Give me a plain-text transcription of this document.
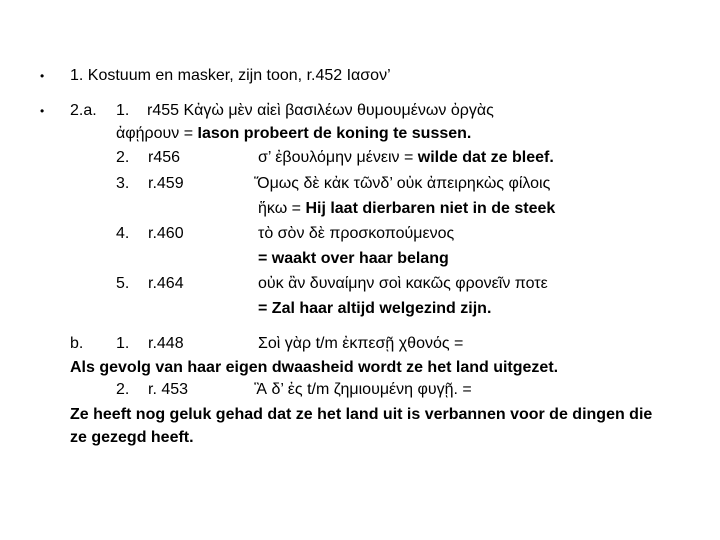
• 1. Kostuum en masker, zijn toon, r.452 Ιασον’
• 2.a. 1. r455 Κἀγὼ μὲν αἰεὶ βασιλέων θυμουμένων ὀργὰς
ἀφῄρουν = Iason probeert de koning te sussen.
2. r456	σ’ ἐβουλόμην μένειν = wilde dat ze bleef.
3. r.459	Ὅμως δὲ κἀκ τῶνδ’ οὐκ ἀπειρηκὼς φίλοις
ἥκω = Hij laat dierbaren niet in de steek
4. r.460	τὸ σὸν δὲ προσκοπούμενος
= waakt over haar belang
5. r.464	οὐκ ἂν δυναίμην σοὶ κακῶς φρονεῖν ποτε
= Zal haar altijd welgezind zijn.
b. 1. r.448	Σοὶ γὰρ t/m ἐκπεσῇ χθονός =
Als gevolg van haar eigen dwaasheid wordt ze het land uitgezet.
2. r. 453	Ἃ δ’ ἐς t/m ζημιουμένη φυγῇ. =
Ze heeft nog geluk gehad dat ze het land uit is verbannen voor de dingen die
ze gezegd heeft.
